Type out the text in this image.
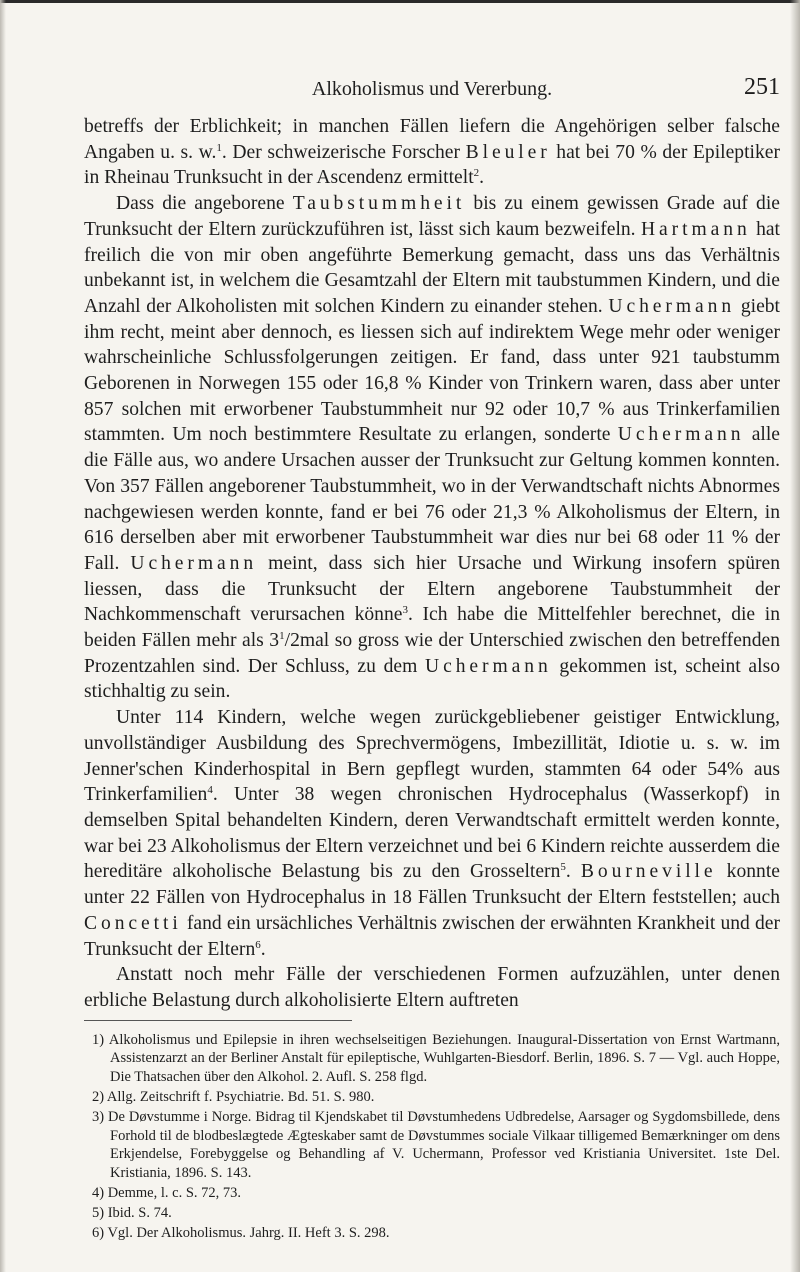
Alkoholismus und Vererbung.	251

betreffs der Erblichkeit; in manchen Fällen liefern die Angehörigen selber falsche Angaben u. s. w.$^1$. Der schweizerische Forscher Bleuler hat bei 70 % der Epileptiker in Rheinau Trunksucht in der Ascendenz ermittelt$^2$.

Dass die angeborene Taubstummheit bis zu einem gewissen Grade auf die Trunksucht der Eltern zurückzuführen ist, lässt sich kaum bezweifeln. Hartmann hat freilich die von mir oben angeführte Bemerkung gemacht, dass uns das Verhältnis unbekannt ist, in welchem die Gesamtzahl der Eltern mit taubstummen Kindern, und die Anzahl der Alkoholisten mit solchen Kindern zu einander stehen. Uchermann giebt ihm recht, meint aber dennoch, es liessen sich auf indirektem Wege mehr oder weniger wahrscheinliche Schlussfolgerungen zeitigen. Er fand, dass unter 921 taubstumm Geborenen in Norwegen 155 oder 16,8 % Kinder von Trinkern waren, dass aber unter 857 solchen mit erworbener Taubstummheit nur 92 oder 10,7 % aus Trinkerfamilien stammten. Um noch bestimmtere Resultate zu erlangen, sonderte Uchermann alle die Fälle aus, wo andere Ursachen ausser der Trunksucht zur Geltung kommen konnten. Von 357 Fällen angeborener Taubstummheit, wo in der Verwandtschaft nichts Abnormes nachgewiesen werden konnte, fand er bei 76 oder 21,3 % Alkoholismus der Eltern, in 616 derselben aber mit erworbener Taubstummheit war dies nur bei 68 oder 11 % der Fall. Uchermann meint, dass sich hier Ursache und Wirkung insofern spüren liessen, dass die Trunksucht der Eltern angeborene Taubstummheit der Nachkommenschaft verursachen könne$^3$. Ich habe die Mittelfehler berechnet, die in beiden Fällen mehr als $3^1/2mal$ so gross wie der Unterschied zwischen den betreffenden Prozentzahlen sind. Der Schluss, zu dem Uchermann gekommen ist, scheint also stichhaltig zu sein.

Unter 114 Kindern, welche wegen zurückgebliebener geistiger Entwicklung, unvollständiger Ausbildung des Sprechvermögens, Imbezillität, Idiotie u. s. w. im Jenner'schen Kinderhospital in Bern gepflegt wurden, stammten 64 oder 54% aus Trinkerfamilien$^4$. Unter 38 wegen chronischen Hydrocephalus (Wasserkopf) in demselben Spital behandelten Kindern, deren Verwandtschaft ermittelt werden konnte, war bei 23 Alkoholismus der Eltern verzeichnet und bei 6 Kindern reichte ausserdem die hereditäre alkoholische Belastung bis zu den Grosseltern$^5$. Bourneville konnte unter 22 Fällen von Hydrocephalus in 18 Fällen Trunksucht der Eltern feststellen; auch Concetti fand ein ursächliches Verhältnis zwischen der erwähnten Krankheit und der Trunksucht der Eltern$^6$.

Anstatt noch mehr Fälle der verschiedenen Formen aufzuzählen, unter denen erbliche Belastung durch alkoholisierte Eltern auftreten

1) Alkoholismus und Epilepsie in ihren wechselseitigen Beziehungen. Inaugural-Dissertation von Ernst Wartmann, Assistenzarzt an der Berliner Anstalt für epileptische, Wuhlgarten-Biesdorf. Berlin, 1896. S. 7 — Vgl. auch Hoppe, Die Thatsachen über den Alkohol. 2. Aufl. S. 258 flgd.

2) Allg. Zeitschrift f. Psychiatrie. Bd. 51. S. 980.

3) De Døvstumme i Norge. Bidrag til Kjendskabet til Døvstumhedens Udbredelse, Aarsager og Sygdomsbillede, dens Forhold til de blodbeslægtede Ægteskaber samt de Døvstummes sociale Vilkaar tilligemed Bemærkninger om dens Erkjendelse, Forebyggelse og Behandling af V. Uchermann, Professor ved Kristiania Universitet. 1ste Del. Kristiania, 1896. S. 143.

4) Demme, l. c. S. 72, 73.

5) Ibid. S. 74.

6) Vgl. Der Alkoholismus. Jahrg. II. Heft 3. S. 298.
